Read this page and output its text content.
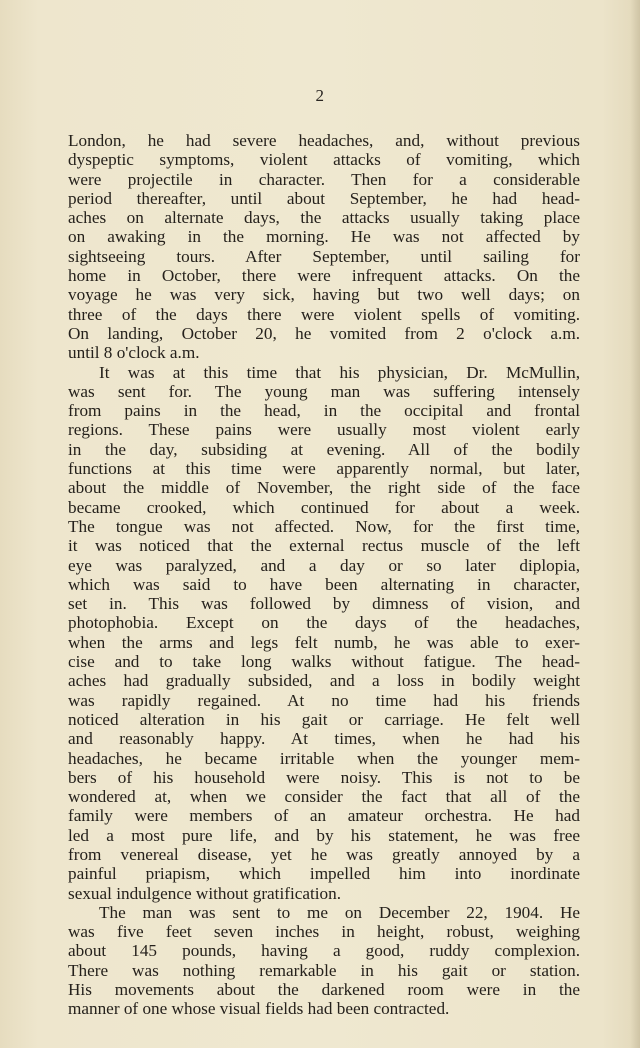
2
London, he had severe headaches, and, without previous
dyspeptic symptoms, violent attacks of vomiting, which
were projectile in character. Then for a considerable
period thereafter, until about September, he had head-
aches on alternate days, the attacks usually taking place
on awaking in the morning. He was not affected by
sightseeing tours. After September, until sailing for
home in October, there were infrequent attacks. On the
voyage he was very sick, having but two well days; on
three of the days there were violent spells of vomiting.
On landing, October 20, he vomited from 2 o'clock a.m.
until 8 o'clock a.m.
It was at this time that his physician, Dr. McMullin,
was sent for. The young man was suffering intensely
from pains in the head, in the occipital and frontal
regions. These pains were usually most violent early
in the day, subsiding at evening. All of the bodily
functions at this time were apparently normal, but later,
about the middle of November, the right side of the face
became crooked, which continued for about a week.
The tongue was not affected. Now, for the first time,
it was noticed that the external rectus muscle of the left
eye was paralyzed, and a day or so later diplopia,
which was said to have been alternating in character,
set in. This was followed by dimness of vision, and
photophobia. Except on the days of the headaches,
when the arms and legs felt numb, he was able to exer-
cise and to take long walks without fatigue. The head-
aches had gradually subsided, and a loss in bodily weight
was rapidly regained. At no time had his friends
noticed alteration in his gait or carriage. He felt well
and reasonably happy. At times, when he had his
headaches, he became irritable when the younger mem-
bers of his household were noisy. This is not to be
wondered at, when we consider the fact that all of the
family were members of an amateur orchestra. He had
led a most pure life, and by his statement, he was free
from venereal disease, yet he was greatly annoyed by a
painful priapism, which impelled him into inordinate
sexual indulgence without gratification.
The man was sent to me on December 22, 1904. He
was five feet seven inches in height, robust, weighing
about 145 pounds, having a good, ruddy complexion.
There was nothing remarkable in his gait or station.
His movements about the darkened room were in the
manner of one whose visual fields had been contracted.
